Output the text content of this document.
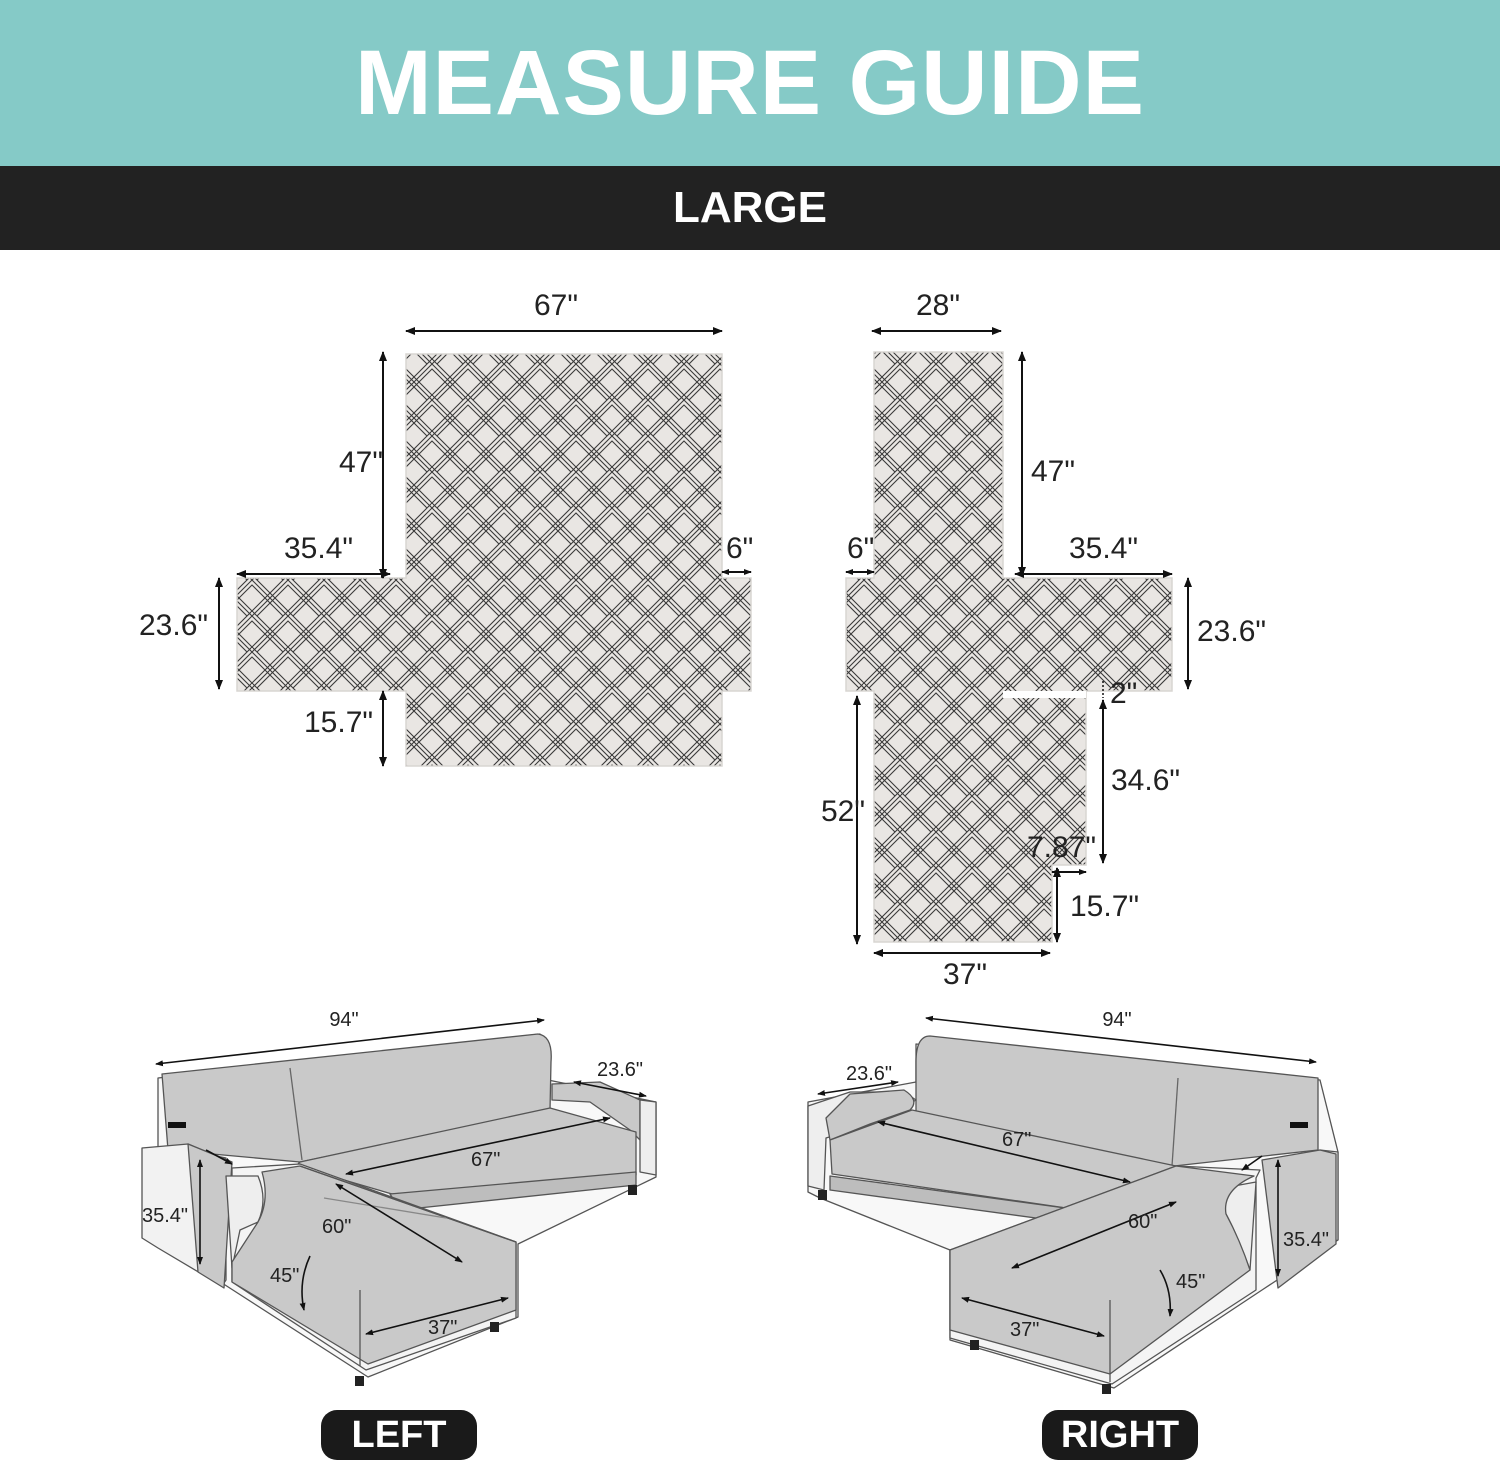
MEASURE GUIDE
LARGE
67"
47"
35.4"	6"
23.6"
15.7"
28"
47"
6"	35.4"
23.6"
2"
34.6"
52"
7.87"
15.7"
37"
94"
23.6"
67"
35.4"	60"
45"
37"
94"
23.6"
67"
35.4"
60"
45"
37"
LEFT	RIGHT
